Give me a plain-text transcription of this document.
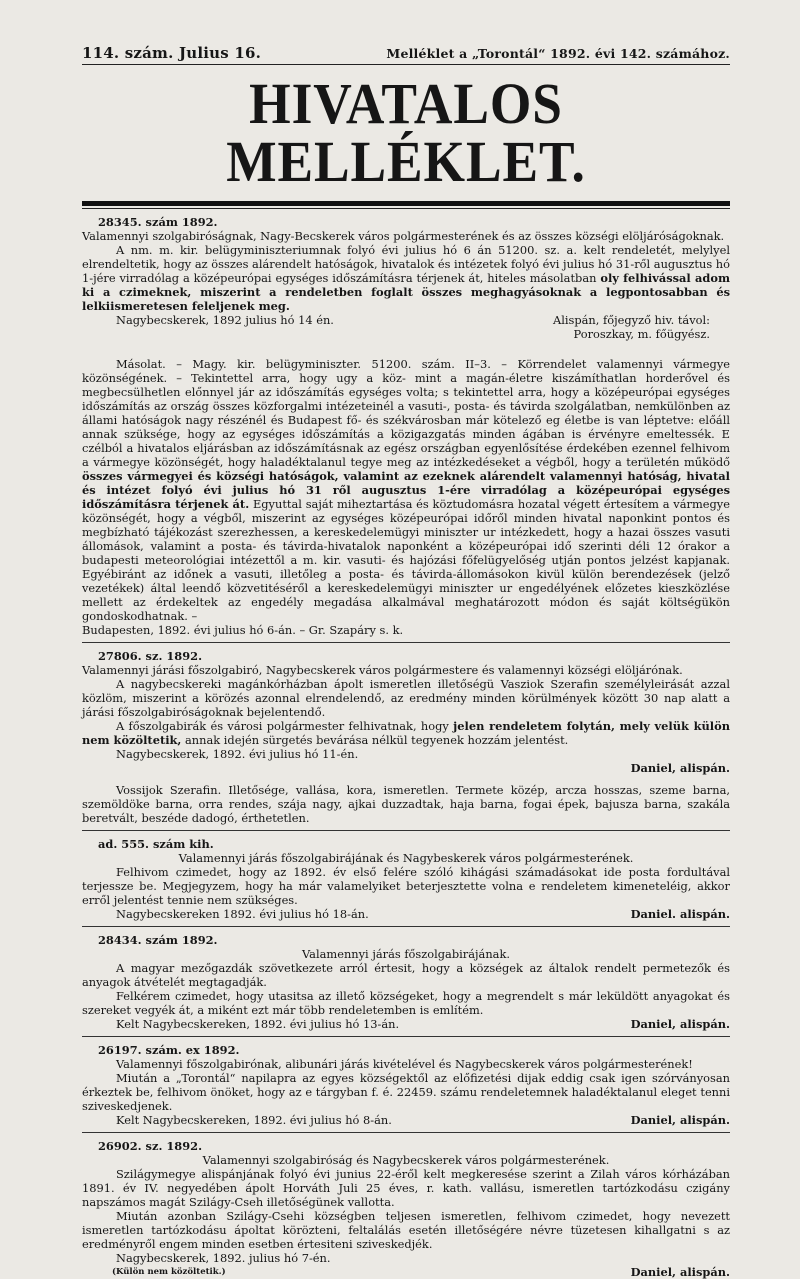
114. szám. Julius 16.	Melléklet a „Torontál“ 1892. évi 142. számához.
HIVATALOS MELLÉKLET.

28345. szám 1892.

Valamennyi szolgabiróságnak, Nagy-Becskerek város polgármesterének és az összes községi elöljáróságoknak.

A nm. m. kir. belügyminiszteriumnak folyó évi julius hó 6 án 51200. sz. a. kelt rendeletét, melylyel elrendeltetik, hogy az összes alárendelt hatóságok, hivatalok és intézetek folyó évi julius hó 31-ről augusztus hó 1-jére virradólag a középeurópai egységes időszámításra térjenek át, hiteles másolatban oly felhivással adom ki a czimeknek, miszerint a rendeletben foglalt összes meghagyásoknak a legpontosabban és lelkiismeretesen feleljenek meg.

Nagybecskerek, 1892 julius hó 14 én.	Alispán, főjegyző hiv. távol:

Poroszkay, m. főügyész.

Másolat. – Magy. kir. belügyminiszter. 51200. szám. II–3. – Körrendelet valamennyi vármegye közönségének. – Tekintettel arra, hogy ugy a köz- mint a magán-életre kiszámíthatlan horderővel és megbecsülhetlen előnnyel jár az időszámítás egységes volta; s tekintettel arra, hogy a középeurópai egységes időszámítás az ország összes közforgalmi intézeteinél a vasuti-, posta- és távirda szolgálatban, nemkülönben az állami hatóságok nagy részénél és Budapest fő- és székvárosban már kötelező eg életbe is van léptetve: előáll annak szüksége, hogy az egységes időszámítás a közigazgatás minden ágában is érvényre emeltessék. E czélból a hivatalos eljárásban az időszámításnak az egész országban egyenlősítése érdekében ezennel felhivom a vármegye közönségét, hogy haladéktalanul tegye meg az intézkedéseket a végből, hogy a területén működő összes vármegyei és községi hatóságok, valamint az ezeknek alárendelt valamennyi hatóság, hivatal és intézet folyó évi julius hó 31 ről augusztus 1-ére virradólag a középeurópai egységes időszámításra térjenek át. Egyuttal saját miheztartása és köztudomásra hozatal végett értesítem a vármegye közönségét, hogy a végből, miszerint az egységes középeurópai időről minden hivatal naponkint pontos és megbízható tájékozást szerezhessen, a kereskedelemügyi miniszter ur intézkedett, hogy a hazai összes vasuti állomások, valamint a posta- és távirda-hivatalok naponként a középeurópai idő szerinti déli 12 órakor a budapesti meteorológiai intézettől a m. kir. vasuti- és hajózási főfelügyelőség utján pontos jelzést kapjanak. Egyébiránt az időnek a vasuti, illetőleg a posta- és távirda-állomásokon kivül külön berendezések (jelző vezetékek) által leendő közvetitéséről a kereskedelemügyi miniszter ur engedélyének előzetes kieszközlése mellett az érdekeltek az engedély megadása alkalmával meghatározott módon és saját költségükön gondoskodhatnak. –

Budapesten, 1892. évi julius hó 6-án. – Gr. Szapáry s. k.

27806. sz. 1892.

Valamennyi járási főszolgabiró, Nagybecskerek város polgármestere és valamennyi községi elöljárónak.

A nagybecskereki magánkórházban ápolt ismeretlen illetőségü Vasziok Szerafin személyleirását azzal közlöm, miszerint a körözés azonnal elrendelendő, az eredmény minden körülmények között 30 nap alatt a járási főszolgabiróságoknak bejelentendő.

A főszolgabirák és városi polgármester felhivatnak, hogy jelen rendeletem folytán, mely velük külön nem közöltetik, annak idején sürgetés bevárása nélkül tegyenek hozzám jelentést.

Nagybecskerek, 1892. évi julius hó 11-én.

Daniel, alispán.

Vossijok Szerafin. Illetősége, vallása, kora, ismeretlen. Termete közép, arcza hosszas, szeme barna, szemöldöke barna, orra rendes, szája nagy, ajkai duzzadtak, haja barna, fogai épek, bajusza barna, szakála beretvált, beszéde dadogó, érthetetlen.

ad. 555. szám kih.

Valamennyi járás főszolgabirájának és Nagybeskerek város polgármesterének.

Felhivom czimedet, hogy az 1892. év első felére szóló kihágási számadásokat ide posta fordultával terjessze be. Megjegyzem, hogy ha már valamelyiket beterjesztette volna e rendeletem kimeneteléig, akkor erről jelentést tennie nem szükséges.

Nagybecskereken 1892. évi julius hó 18-án.	Daniel. alispán.

28434. szám 1892.

Valamennyi járás főszolgabirájának.

A magyar mezőgazdák szövetkezete arról értesit, hogy a községek az általok rendelt permetezők és anyagok átvételét megtagadják.

Felkérem czimedet, hogy utasitsa az illető községeket, hogy a megrendelt s már leküldött anyagokat és szereket vegyék át, a miként ezt már több rendeletemben is említém.

Kelt Nagybecskereken, 1892. évi julius hó 13-án.	Daniel, alispán.

26197. szám. ex 1892.

Valamennyi főszolgabirónak, alibunári járás kivételével és Nagybecskerek város polgármesterének!

Miután a „Torontál“ napilapra az egyes községektől az előfizetési dijak eddig csak igen szórványosan érkeztek be, felhivom önöket, hogy az e tárgyban f. é. 22459. számu rendeletemnek haladéktalanul eleget tenni sziveskedjenek.

Kelt Nagybecskereken, 1892. évi julius hó 8-án.	Daniel, alispán.

26902. sz. 1892.

Valamennyi szolgabiróság és Nagybecskerek város polgármesterének.

Szilágymegye alispánjának folyó évi junius 22-éről kelt megkeresése szerint a Zilah város kórházában 1891. év IV. negyedében ápolt Horváth Juli 25 éves, r. kath. vallásu, ismeretlen tartózkodásu czigány napszámos magát Szilágy-Cseh illetőségünek vallotta.

Miután azonban Szilágy-Csehi községben teljesen ismeretlen, felhivom czimedet, hogy nevezett ismeretlen tartózkodásu ápoltat körözteni, feltalálás esetén illetőségére névre tüzetesen kihallgatni s az eredményről engem minden esetben értesiteni sziveskedjék.

Nagybecskerek, 1892. julius hó 7-én.

(Külön nem közöltetik.)	Daniel, alispán.
